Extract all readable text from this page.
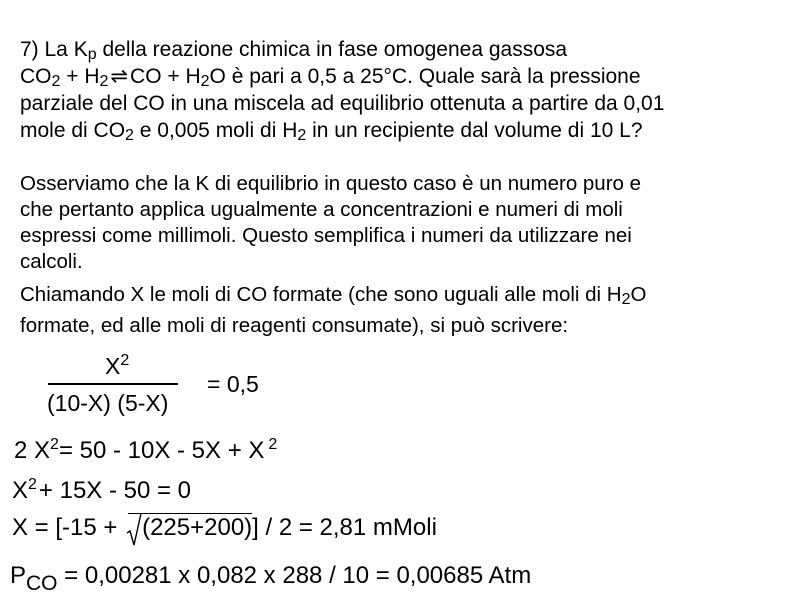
7) La $K_p$ della reazione chimica in fase omogenea gassosa
$CO_2$ + $H_2\rightleftharpoons CO + H_2O$ è pari a 0,5 a 25°C. Quale sarà la pressione
parziale del CO in una miscela ad equilibrio ottenuta a partire da 0,01
mole di $CO_2$ e 0,005 moli di $H_2$ in un recipiente dal volume di 10 L?
Osserviamo che la K di equilibrio in questo caso è un numero puro e
che pertanto applica ugualmente a concentrazioni e numeri di moli
espressi come millimoli. Questo semplifica i numeri da utilizzare nei
calcoli.
Chiamando X le moli di CO formate (che sono uguali alle moli di $H_2O$
formate, ed alle moli di reagenti consumate), si può scrivere:
$X^2$
(10-X) (5-X)
= 0,5
2 $X^2= 50 - 10X - 5X + X$ $^2$
$X^2+ 15X - 50 = 0$
X = [-15 +
(225+200)] / 2 = 2,81 mMoli
$P_{CO} = 0,00281$ x 0,082 x 288 / 10 = 0,00685 Atm
